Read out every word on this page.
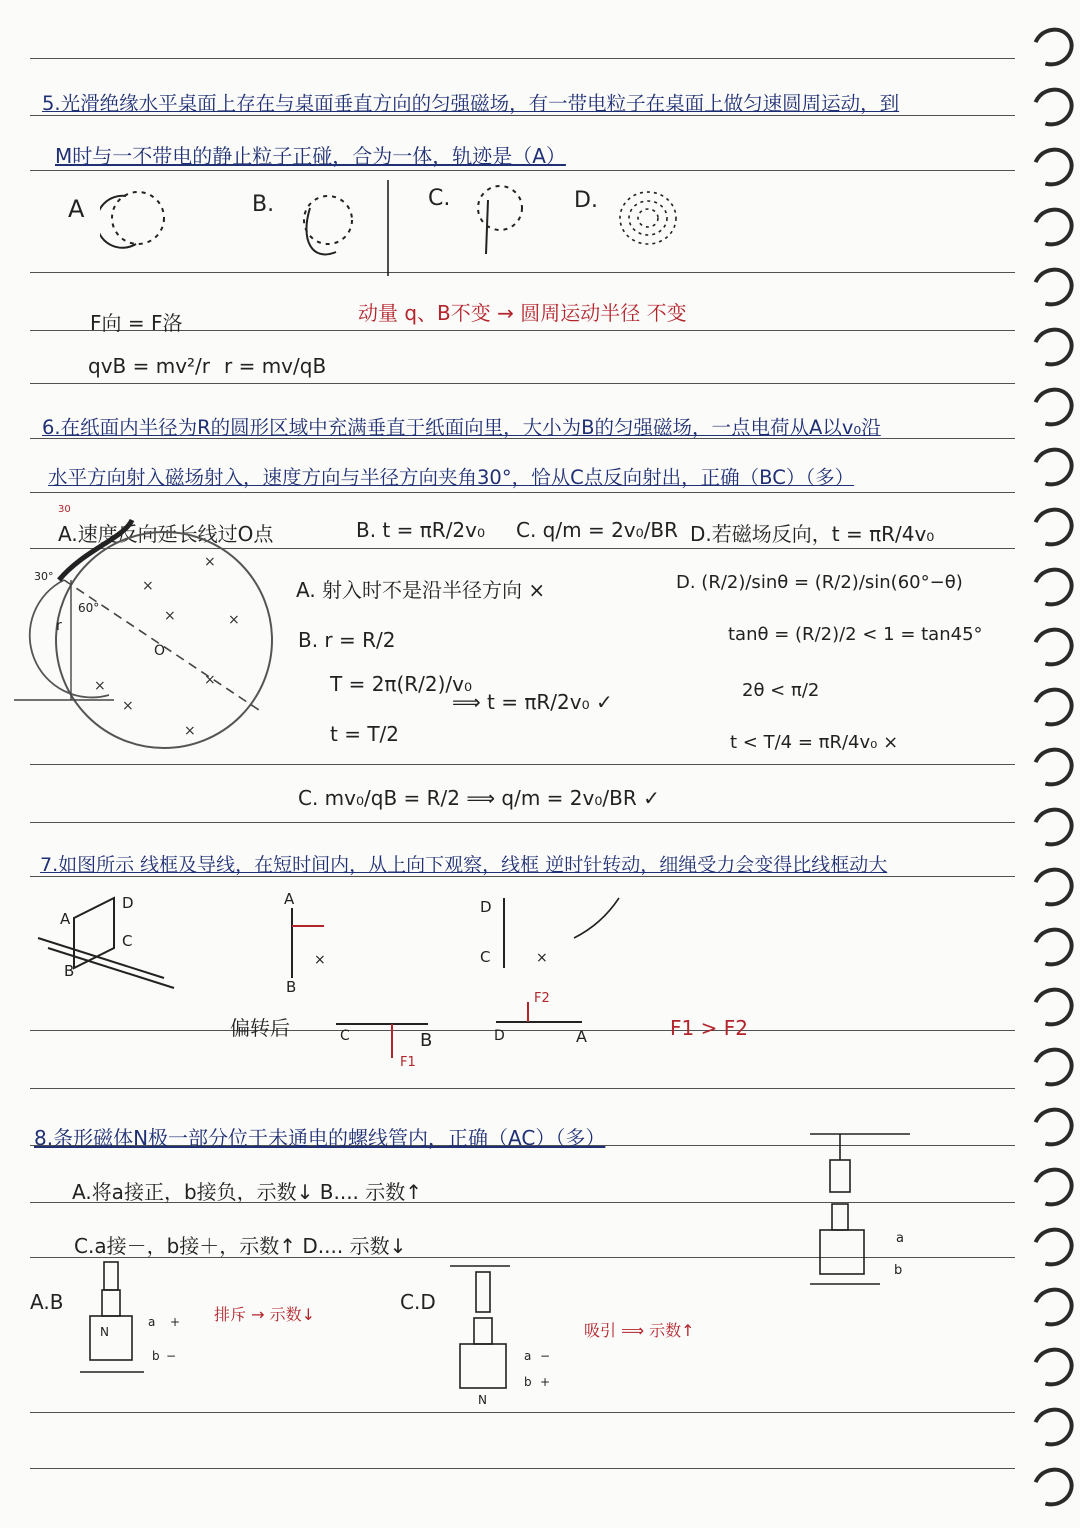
5.光滑绝缘水平桌面上存在与桌面垂直方向的匀强磁场，有一带电粒子在桌面上做匀速圆周运动，到
M时与一不带电的静止粒子正碰，合为一体，轨迹是（A）
A	B.	C.	D.
F向 = F洛	动量 q、B不变 → 圆周运动半径 不变
qvB = mv²/r r = mv/qB
6.在纸面内半径为R的圆形区域中充满垂直于纸面向里，大小为B的匀强磁场，一点电荷从A以v₀沿
水平方向射入磁场射入，速度方向与半径方向夹角30°，恰从C点反向射出，正确（BC）（多）
A.速度反向延长线过O点	B. t = πR/2v₀ C. q/m = 2v₀/BR D.若磁场反向，t = πR/4v₀
O
r
30°
60°
30
×
×
×
×
×
×
×
×
A. 射入时不是沿半径方向 ×
B. r = R/2
T = 2π(R/2)/v₀
t = T/2
⟹ t = πR/2v₀ ✓
C. mv₀/qB = R/2 ⟹ q/m = 2v₀/BR ✓
D. (R/2)/sinθ = (R/2)/sin(60°−θ)
tanθ = (R/2)/2 < 1 = tan45°
2θ < π/2
t < T/4 = πR/4v₀ ×
7.如图所示 线框及导线，在短时间内，从上向下观察，线框 逆时针转动，细绳受力会变得比线框动大
A
D
C
B
A
B
×
D
C	×
F1
C	B
F2
D	A
偏转后	F1 > F2
8.条形磁体N极一部分位于未通电的螺线管内，正确（AC）（多）
A.将a接正，b接负，示数↓ B.... 示数↑
C.a接－，b接＋，示数↑ D.... 示数↓
A.B
排斥 → 示数↓
C.D
吸引 ⟹ 示数↑
N
a +
b −	a −
b +
N
a
b
